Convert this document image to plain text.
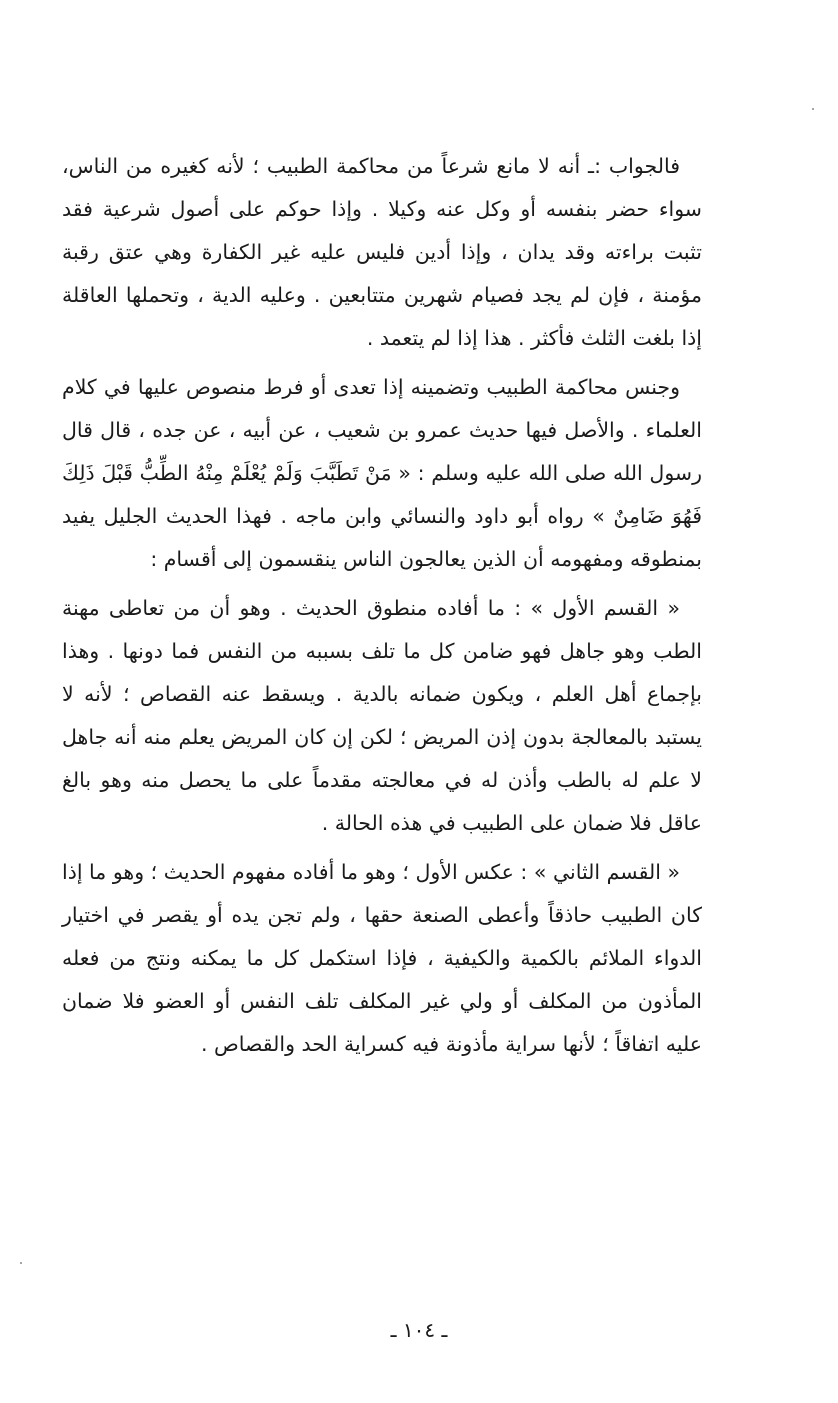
فالجواب :ـ أنه لا مانع شرعاً من محاكمة الطبيب ؛ لأنه كغيره من الناس، سواء حضر بنفسه أو وكل عنه وكيلا . وإذا حوكم على أصول شرعية فقد تثبت براءته وقد يدان ، وإذا أدين فليس عليه غير الكفارة وهي عتق رقبة مؤمنة ، فإن لم يجد فصيام شهرين متتابعين . وعليه الدية ، وتحملها العاقلة إذا بلغت الثلث فأكثر . هذا إذا لم يتعمد .

وجنس محاكمة الطبيب وتضمينه إذا تعدى أو فرط منصوص عليها في كلام العلماء . والأصل فيها حديث عمرو بن شعيب ، عن أبيه ، عن جده ، قال قال رسول الله صلى الله عليه وسلم : « مَنْ تَطَبَّبَ وَلَمْ يُعْلَمْ مِنْهُ الطِّبُّ قَبْلَ ذَلِكَ فَهُوَ ضَامِنٌ » رواه أبو داود والنسائي وابن ماجه . فهذا الحديث الجليل يفيد بمنطوقه ومفهومه أن الذين يعالجون الناس ينقسمون إلى أقسام :

« القسم الأول » : ما أفاده منطوق الحديث . وهو أن من تعاطى مهنة الطب وهو جاهل فهو ضامن كل ما تلف بسببه من النفس فما دونها . وهذا بإجماع أهل العلم ، ويكون ضمانه بالدية . ويسقط عنه القصاص ؛ لأنه لا يستبد بالمعالجة بدون إذن المريض ؛ لكن إن كان المريض يعلم منه أنه جاهل لا علم له بالطب وأذن له في معالجته مقدماً على ما يحصل منه وهو بالغ عاقل فلا ضمان على الطبيب في هذه الحالة .

« القسم الثاني » : عكس الأول ؛ وهو ما أفاده مفهوم الحديث ؛ وهو ما إذا كان الطبيب حاذقاً وأعطى الصنعة حقها ، ولم تجن يده أو يقصر في اختيار الدواء الملائم بالكمية والكيفية ، فإذا استكمل كل ما يمكنه ونتج من فعله المأذون من المكلف أو ولي غير المكلف تلف النفس أو العضو فلا ضمان عليه اتفاقاً ؛ لأنها سراية مأذونة فيه كسراية الحد والقصاص .

ـ ١٠٤ ـ
